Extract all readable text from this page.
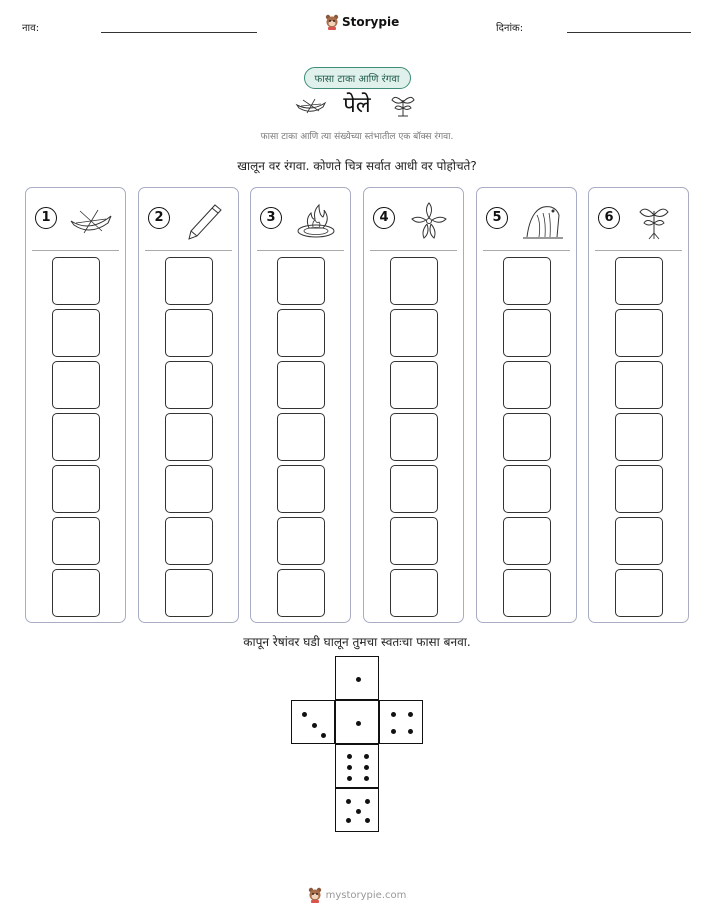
नाव:	Storypie	दिनांक:
फासा टाका आणि रंगवा
पेले
फासा टाका आणि त्या संख्येच्या स्तंभातील एक बॉक्स रंगवा.
खालून वर रंगवा. कोणते चित्र सर्वात आधी वर पोहोचते?
1	2	3	4	5	6
कापून रेषांवर घडी घालून तुमचा स्वतःचा फासा बनवा.
mystorypie.com
